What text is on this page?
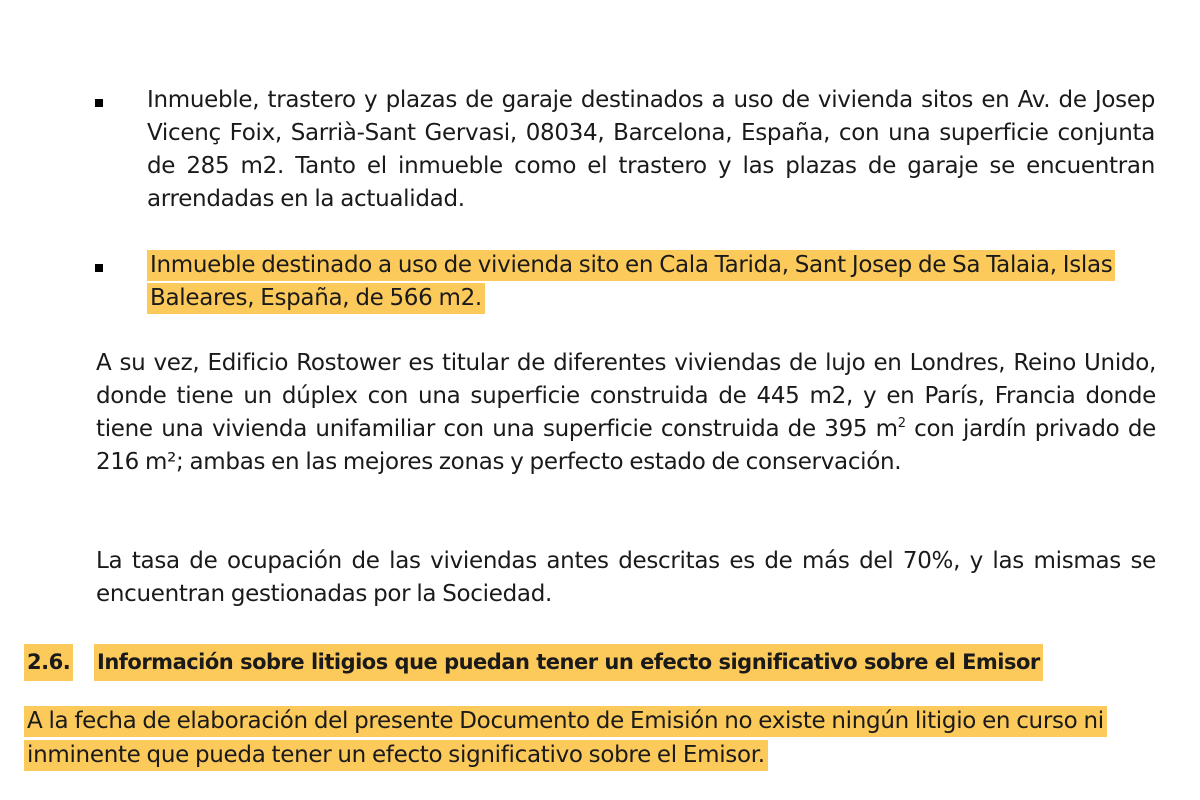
Inmueble, trastero y plazas de garaje destinados a uso de vivienda sitos en Av. de Josep Vicenç Foix, Sarrià-Sant Gervasi, 08034, Barcelona, España, con una superficie conjunta de 285 m2. Tanto el inmueble como el trastero y las plazas de garaje se encuentran arrendadas en la actualidad.

Inmueble destinado a uso de vivienda sito en Cala Tarida, Sant Josep de Sa Talaia, Islas Baleares, España, de 566 m2.

A su vez, Edificio Rostower es titular de diferentes viviendas de lujo en Londres, Reino Unido, donde tiene un dúplex con una superficie construida de 445 m2, y en París, Francia donde tiene una vivienda unifamiliar con una superficie construida de 395 $m^2$ con jardín privado de 216 m²; ambas en las mejores zonas y perfecto estado de conservación.

La tasa de ocupación de las viviendas antes descritas es de más del 70%, y las mismas se encuentran gestionadas por la Sociedad.

2.6. Información sobre litigios que puedan tener un efecto significativo sobre el Emisor

A la fecha de elaboración del presente Documento de Emisión no existe ningún litigio en curso ni inminente que pueda tener un efecto significativo sobre el Emisor.
